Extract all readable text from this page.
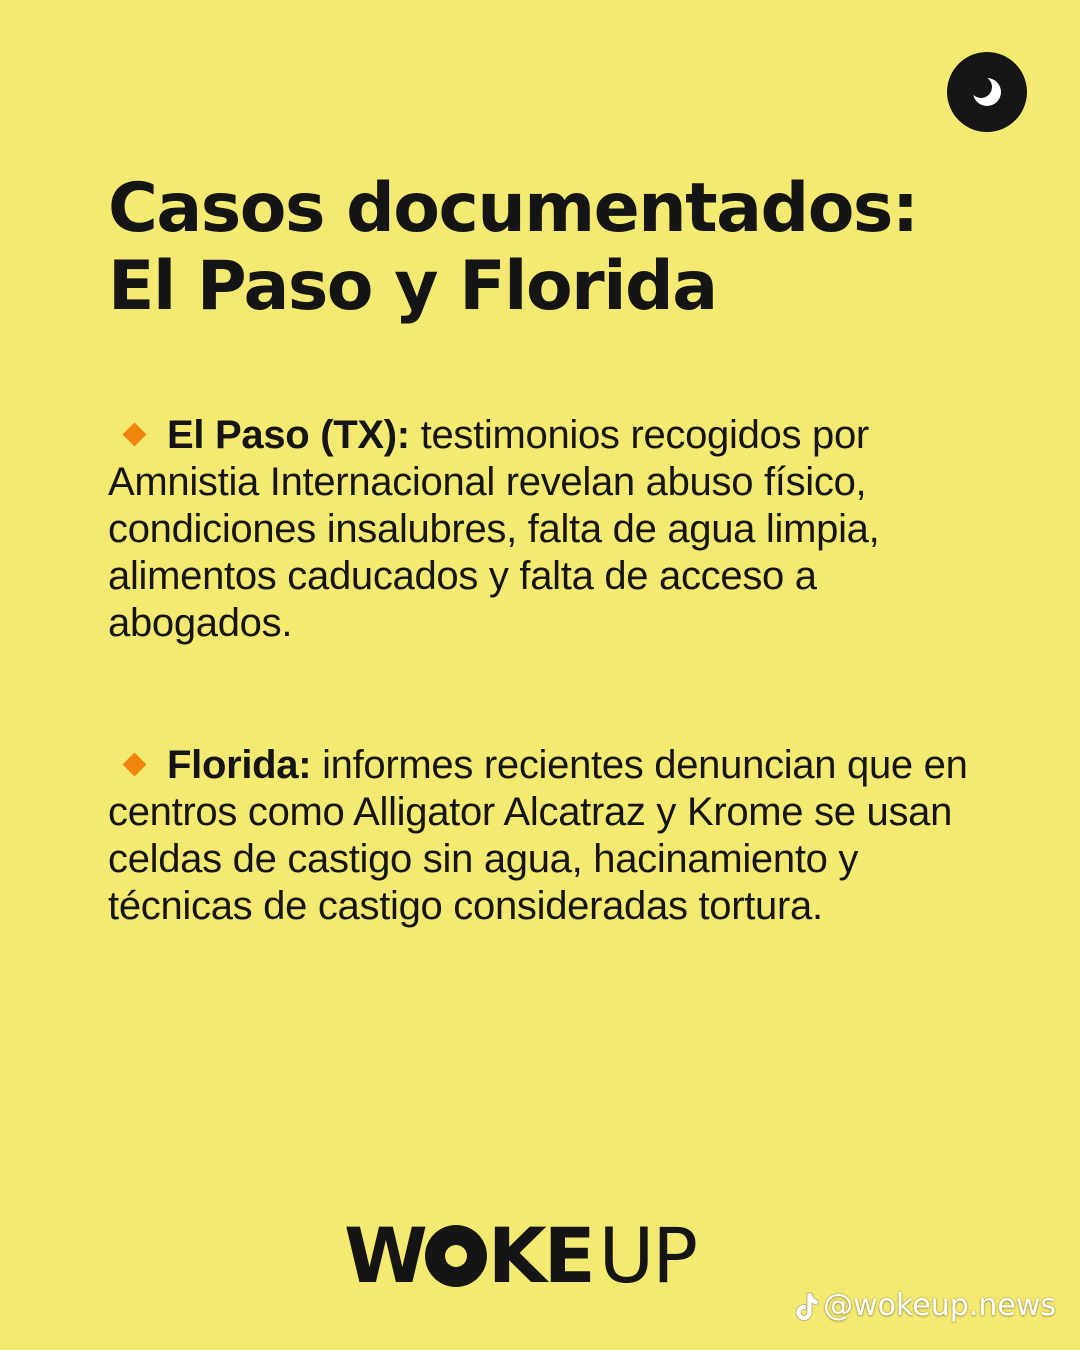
Casos documentados:
El Paso y Florida

El Paso (TX): testimonios recogidos por Amnistia Internacional revelan abuso físico, condiciones insalubres, falta de agua limpia, alimentos caducados y falta de acceso a abogados.

Florida: informes recientes denuncian que en centros como Alligator Alcatraz y Krome se usan celdas de castigo sin agua, hacinamiento y técnicas de castigo consideradas tortura.

W KE UP
@wokeup.news
